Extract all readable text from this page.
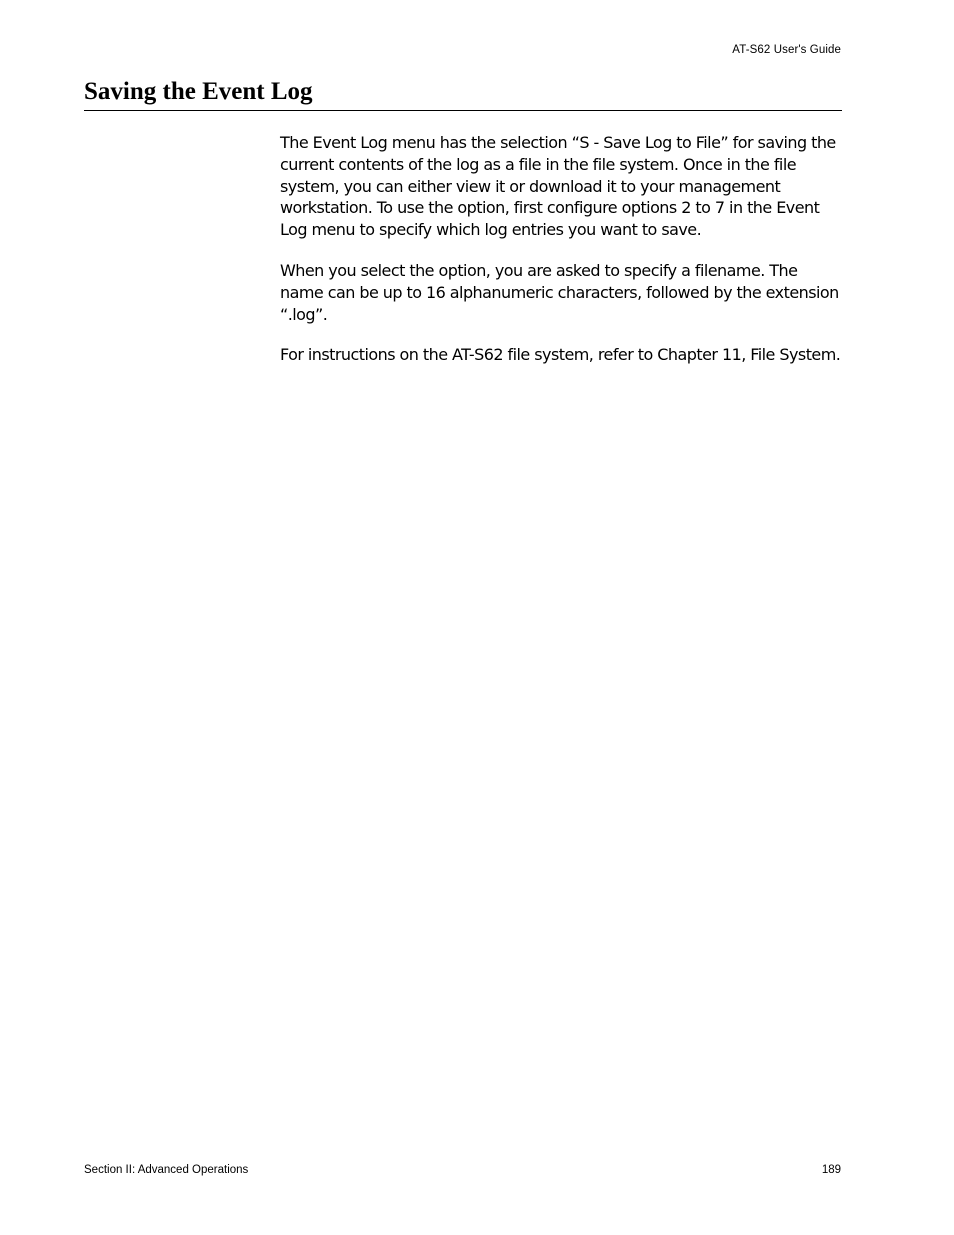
AT-S62 User's Guide
Saving the Event Log

The Event Log menu has the selection “S - Save Log to File” for saving the current contents of the log as a file in the file system. Once in the file system, you can either view it or download it to your management workstation. To use the option, first configure options 2 to 7 in the Event Log menu to specify which log entries you want to save.

When you select the option, you are asked to specify a filename. The name can be up to 16 alphanumeric characters, followed by the extension “.log”.

For instructions on the AT-S62 file system, refer to Chapter 11, File System.

Section II: Advanced Operations	189
